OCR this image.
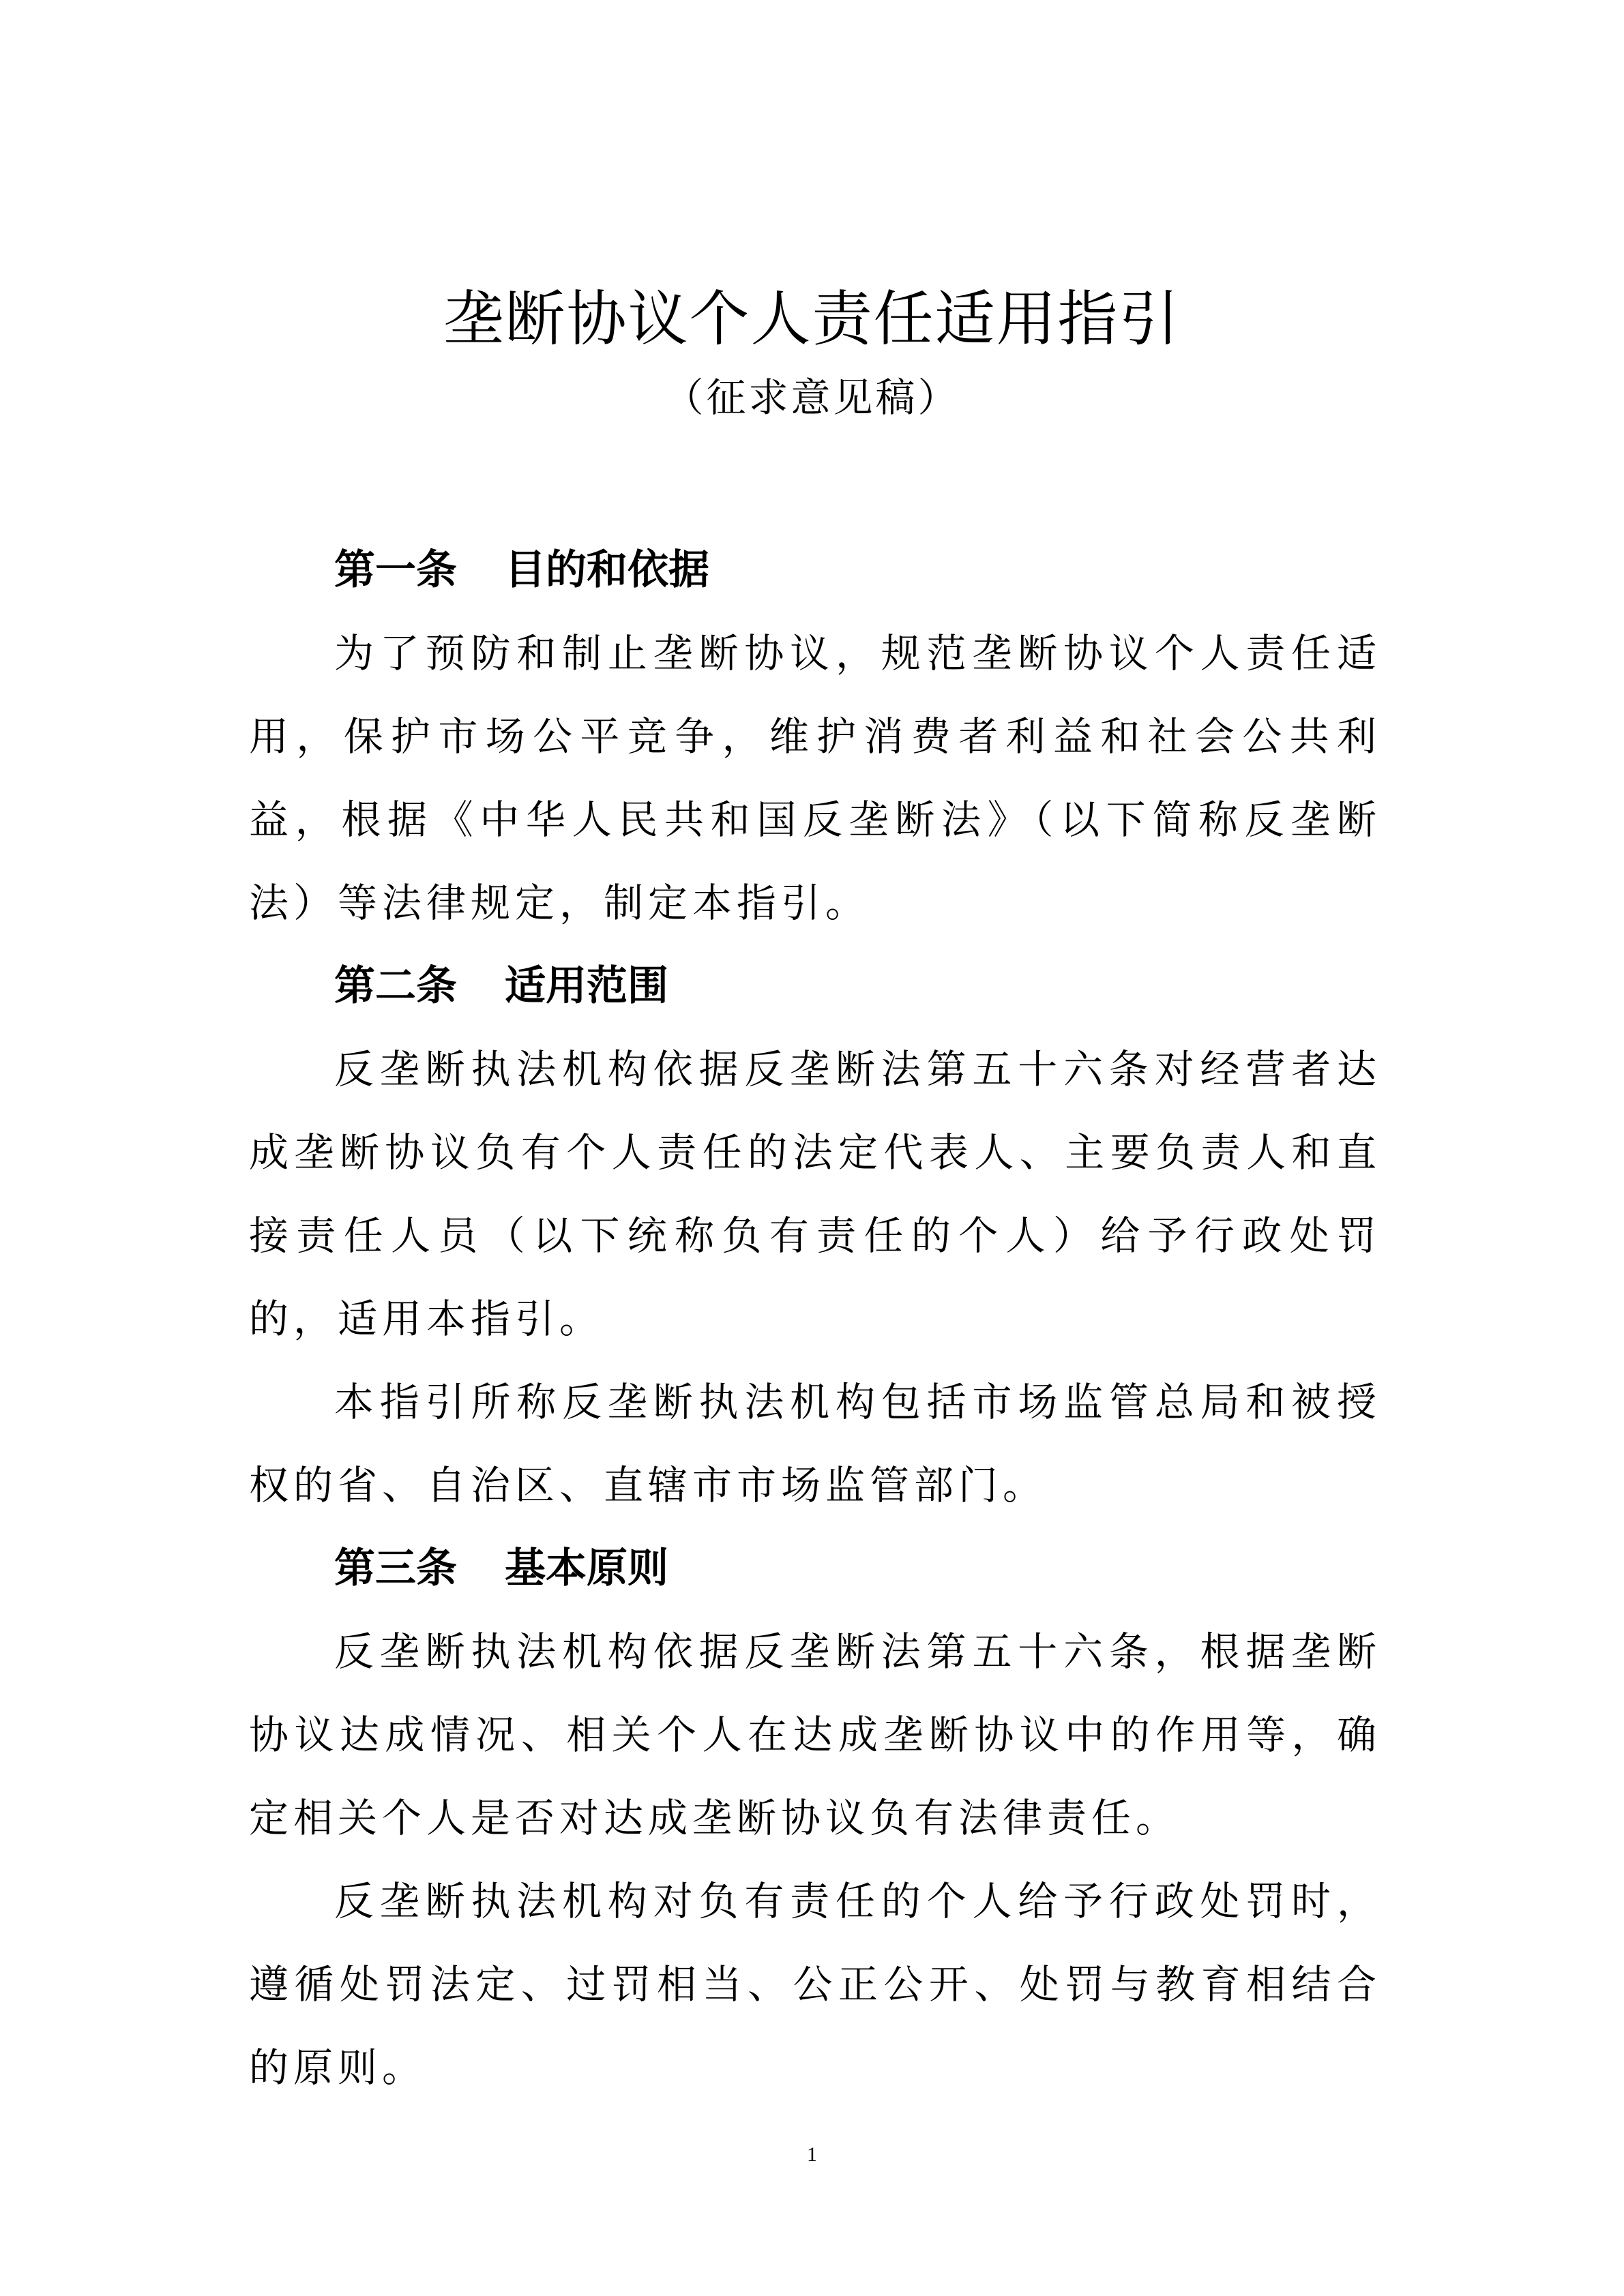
垄断协议个人责任适用指引
（征求意见稿）
第一条 目的和依据

为了预防和制止垄断协议，规范垄断协议个人责任适用，保护市场公平竞争，维护消费者利益和社会公共利益，根据《中华人民共和国反垄断法》（以下简称反垄断法）等法律规定，制定本指引。

第二条 适用范围

反垄断执法机构依据反垄断法第五十六条对经营者达成垄断协议负有个人责任的法定代表人、主要负责人和直接责任人员（以下统称负有责任的个人）给予行政处罚的，适用本指引。

本指引所称反垄断执法机构包括市场监管总局和被授权的省、自治区、直辖市市场监管部门。

第三条 基本原则

反垄断执法机构依据反垄断法第五十六条，根据垄断协议达成情况、相关个人在达成垄断协议中的作用等，确定相关个人是否对达成垄断协议负有法律责任。

反垄断执法机构对负有责任的个人给予行政处罚时，遵循处罚法定、过罚相当、公正公开、处罚与教育相结合的原则。

1
